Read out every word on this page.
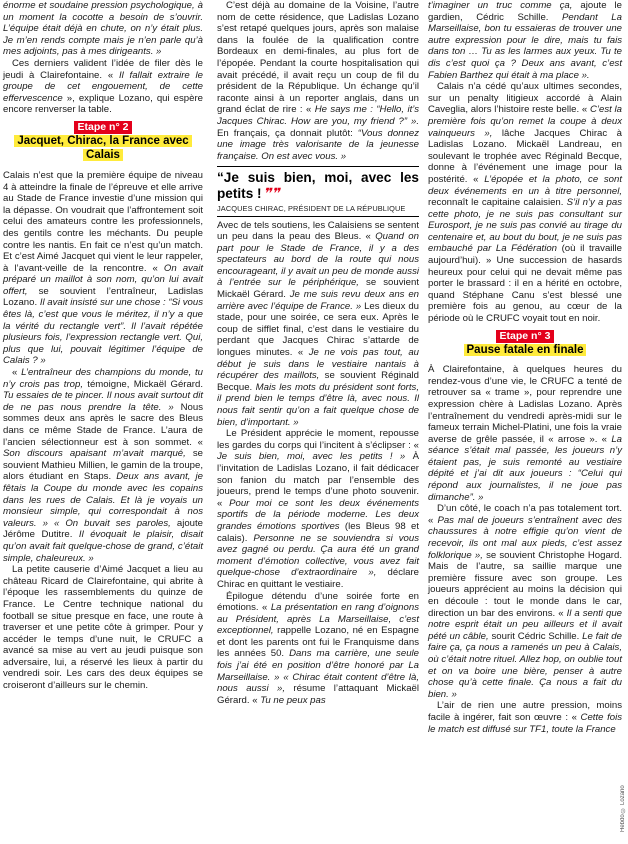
énorme et soudaine pression psychologique, à un moment la cocotte a besoin de s’ouvrir. L’équipe était déjà en chute, on n’y était plus. Je m’en rends compte mais je n’en parle qu’à mes adjoints, pas à mes dirigeants. »

Ces derniers valident l’idée de filer dès le jeudi à Clairefontaine. « Il fallait extraire le groupe de cet engouement, de cette effervescence », explique Lozano, qui espère encore renverser la table.

Etape n° 2
Jacquet, Chirac, la France avec Calais

Calais n’est que la première équipe de niveau 4 à atteindre la finale de l’épreuve et elle arrive au Stade de France investie d’une mission qui la dépasse. On voudrait que l’affrontement soit celui des amateurs contre les professionnels, des gentils contre les méchants. Du peuple contre les nantis. En fait ce n’est qu’un match. Et c’est Aimé Jacquet qui vient le leur rappeler, à l’avant-veille de la rencontre. « On avait préparé un maillot à son nom, qu’on lui avait offert, se souvient l’entraîneur, Ladislas Lozano. Il avait insisté sur une chose : “Si vous êtes là, c’est que vous le méritez, il n’y a que la vérité du rectangle vert”. Il l’avait répétée plusieurs fois, l’expression rectangle vert. Qui, plus que lui, pouvait légitimer l’équipe de Calais ? »

« L’entraîneur des champions du monde, tu n’y crois pas trop, témoigne, Mickaël Gérard. Tu essaies de te pincer. Il nous avait surtout dit de ne pas nous prendre la tête. » Nous sommes deux ans après le sacre des Bleus dans ce même Stade de France. L’aura de l’ancien sélectionneur est à son sommet. « Son discours apaisant m’avait marqué, se souvient Mathieu Millien, le gamin de la troupe, alors étudiant en Staps. Deux ans avant, je fêtais la Coupe du monde avec les copains dans les rues de Calais. Et là je voyais un monsieur simple, qui correspondait à nos valeurs. » « On buvait ses paroles, ajoute Jérôme Dutitre. Il évoquait le plaisir, disait qu’on avait fait quelque-chose de grand, c’était simple, chaleureux. »

La petite causerie d’Aimé Jacquet a lieu au château Ricard de Clairefontaine, qui abrite à l’époque les rassemblements du quinze de France. Le Centre technique national du football se situe presque en face, une route à traverser et une petite côte à grimper. Pour y accéder le temps d’une nuit, le CRUFC a avancé sa mise au vert au jeudi puisque son adversaire, lui, a réservé les lieux à partir du vendredi soir. Les cars des deux équipes se croiseront d’ailleurs sur le chemin.

C’est déjà au domaine de la Voisine, l’autre nom de cette résidence, que Ladislas Lozano s’est retapé quelques jours, après son malaise dans la foulée de la qualification contre Bordeaux en demi-finales, au plus fort de l’épopée. Pendant la courte hospitalisation qui avait précédé, il avait reçu un coup de fil du président de la République. Un échange qu’il raconte ainsi à un reporter anglais, dans un grand éclat de rire : « He says me : “Hello, it’s Jacques Chirac. How are you, my friend ?” ». En français, ça donnait plutôt: “Vous donnez une image très valorisante de la jeunesse française. On est avec vous. »

“Je suis bien, moi, avec les petits ! ❞❞
JACQUES CHIRAC, PRÉSIDENT DE LA RÉPUBLIQUE

Avec de tels soutiens, les Calaisiens se sentent un peu dans la peau des Bleus. « Quand on part pour le Stade de France, il y a des spectateurs au bord de la route qui nous encourageant, il y avait un peu de monde aussi à l’entrée sur le périphérique, se souvient Mickaël Gérard. Je me suis revu deux ans en arrière avec l’équipe de France. » Les dieux du stade, pour une soirée, ce sera eux. Après le coup de sifflet final, c’est dans le vestiaire du perdant que Jacques Chirac s’attarde de longues minutes. « Je ne vois pas tout, au début je suis dans le vestiaire nantais à récupérer des maillots, se souvient Réginald Becque. Mais les mots du président sont forts, il prend bien le temps d’être là, avec nous. Il nous fait sentir qu’on a fait quelque chose de bien, d’important. »

Le Président apprécie le moment, repousse les gardes du corps qui l’incitent à s’éclipser : « Je suis bien, moi, avec les petits ! » À l’invitation de Ladislas Lozano, il fait dédicacer son fanion du match par l’ensemble des joueurs, prend le temps d’une photo souvenir. « Pour moi ce sont les deux événements sportifs de la période moderne. Les deux grandes émotions sportives (les Bleus 98 et calais). Personne ne se souviendra si vous avez gagné ou perdu. Ça aura été un grand moment d’émotion collective, vous avez fait quelque-chose d’extraordinaire », déclare Chirac en quittant le vestiaire.

Épilogue détendu d’une soirée forte en émotions. « La présentation en rang d’oignons au Président, après La Marseillaise, c’est exceptionnel, rappelle Lozano, né en Espagne et dont les parents ont fui le Franquisme dans les années 50. Dans ma carrière, une seule fois j’ai été en position d’être honoré par La Marseillaise. » « Chirac était content d’être là, nous aussi », résume l’attaquant Mickaël Gérard. « Tu ne peux pas

t’imaginer un truc comme ça, ajoute le gardien, Cédric Schille. Pendant La Marseillaise, bon tu essaieras de trouver une autre expression pour le dire, mais tu fais dans ton … Tu as les larmes aux yeux. Tu te dis c’est quoi ça ? Deux ans avant, c’est Fabien Barthez qui était à ma place ».

Calais n’a cédé qu’aux ultimes secondes, sur un penalty litigieux accordé à Alain Caveglia, alors l’histoire reste belle. « C’est la première fois qu’on remet la coupe à deux vainqueurs », lâche Jacques Chirac à Ladislas Lozano. Mickaël Landreau, en soulevant le trophée avec Réginald Becque, donne à l’événement une image pour la postérité. « L’épopée et la photo, ce sont deux événements en un à titre personnel, reconnaît le capitaine calaisien. S’il n’y a pas cette photo, je ne suis pas consultant sur Eurosport, je ne suis pas convié au tirage du centenaire et, au bout du bout, je ne suis pas embauché par La Fédération (où il travaille aujourd’hui). » Une succession de hasards heureux pour celui qui ne devait même pas porter le brassard : il en a hérité en octobre, quand Stéphane Canu s’est blessé une première fois au genou, au cœur de la période où le CRUFC voyait tout en noir.

Etape n° 3
Pause fatale en finale

À Clairefontaine, à quelques heures du rendez-vous d’une vie, le CRUFC a tenté de retrouver sa « trame », pour reprendre une expression chère à Ladislas Lozano. Après l’entraînement du vendredi après-midi sur le fameux terrain Michel-Platini, une fois la vraie averse de grêle passée, il « arrose ». « La séance s’était mal passée, les joueurs n’y étaient pas, je suis remonté au vestiaire dépité et j’ai dit aux joueurs : “Celui qui répond aux journalistes, il ne joue pas dimanche”. »

D’un côté, le coach n’a pas totalement tort. « Pas mal de joueurs s’entraînent avec des chaussures à notre effigie qu’on vient de recevoir, ils ont mal aux pieds, c’est assez folklorique », se souvient Christophe Hogard. Mais de l’autre, sa saillie marque une première fissure avec son groupe. Les joueurs apprécient au moins la décision qui en découle : tout le monde dans le car, direction un bar des environs. « Il a senti que notre esprit était un peu ailleurs et il avait pété un câble, sourit Cédric Schille. Le fait de faire ça, ça nous a ramenés un peu à Calais, où c’était notre rituel. Allez hop, on oublie tout et on va boire une bière, penser à autre chose qu’à cette finale. Ça nous a fait du bien. »

L’air de rien une autre pression, moins facile à ingérer, fait son œuvre : « Cette fois le match est diffusé sur TF1, toute la France

Hebdo © Lozano
